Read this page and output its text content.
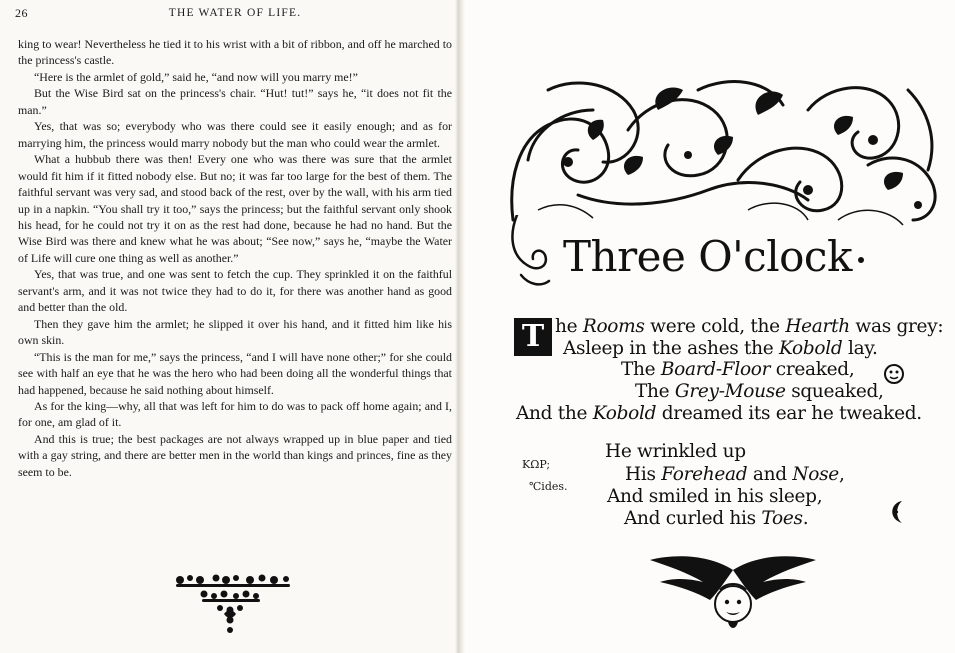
26	THE WATER OF LIFE.

king to wear! Nevertheless he tied it to his wrist with a bit of ribbon, and off he marched to the princess's castle.

“Here is the armlet of gold,” said he, “and now will you marry me!”

But the Wise Bird sat on the princess's chair. “Hut! tut!” says he, “it does not fit the man.”

Yes, that was so; everybody who was there could see it easily enough; and as for marrying him, the princess would marry nobody but the man who could wear the armlet.

What a hubbub there was then! Every one who was there was sure that the armlet would fit him if it fitted nobody else. But no; it was far too large for the best of them. The faithful servant was very sad, and stood back of the rest, over by the wall, with his arm tied up in a napkin. “You shall try it too,” says the princess; but the faithful servant only shook his head, for he could not try it on as the rest had done, because he had no hand. But the Wise Bird was there and knew what he was about; “See now,” says he, “maybe the Water of Life will cure one thing as well as another.”

Yes, that was true, and one was sent to fetch the cup. They sprinkled it on the faithful servant's arm, and it was not twice they had to do it, for there was another hand as good and better than the old.

Then they gave him the armlet; he slipped it over his hand, and it fitted him like his own skin.

“This is the man for me,” says the princess, “and I will have none other;” for she could see with half an eye that he was the hero who had been doing all the wonderful things that had happened, because he said nothing about himself.

As for the king—why, all that was left for him to do was to pack off home again; and I, for one, am glad of it.

And this is true; the best packages are not always wrapped up in blue paper and tied with a gay string, and there are better men in the world than kings and princes, fine as they seem to be.

Three O'clock
T he Rooms were cold, the Hearth was grey:
Asleep in the ashes the Kobold lay.
The Board-Floor creaked,
The Grey-Mouse squeaked,
And the Kobold dreamed its ear he tweaked.
He wrinkled up
His Forehead and Nose,
And smiled in his sleep,
And curled his Toes.
KΩP;
℃ides.
